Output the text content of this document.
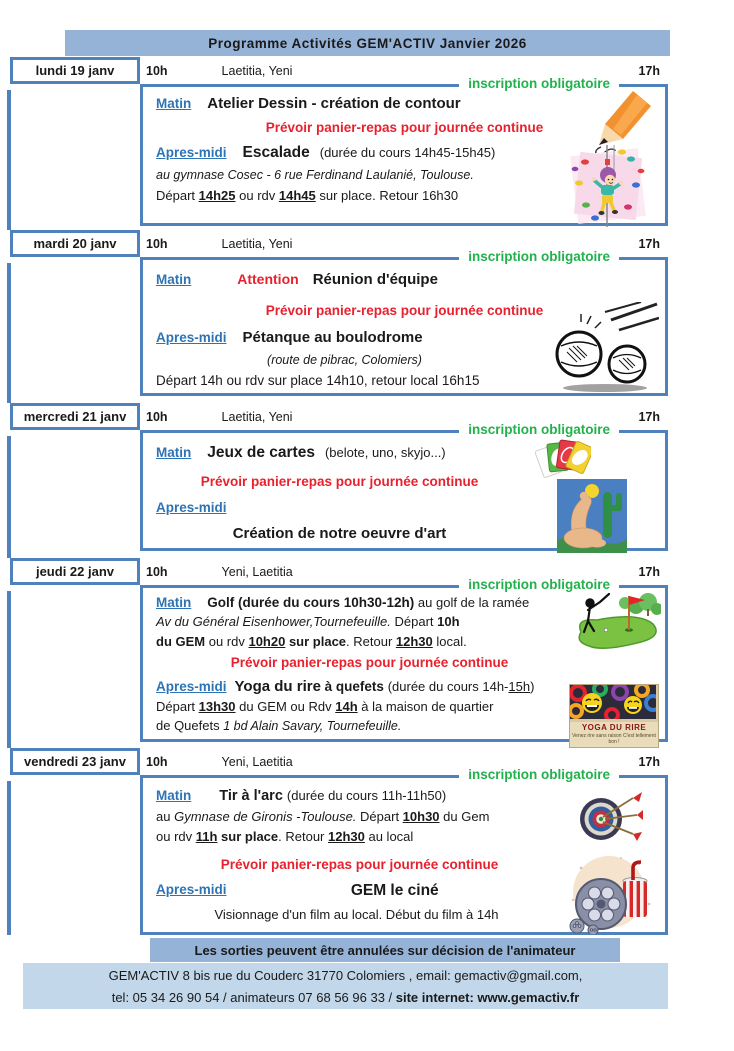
Programme Activités GEM'ACTIV Janvier 2026
lundi 19 janv	10h	Laetitia, Yeni	17h
inscription obligatoire
Matin Atelier Dessin - création de contour
Prévoir panier-repas pour journée continue
Apres-midi Escalade (durée du cours 14h45-15h45)
au gymnase Cosec - 6 rue Ferdinand Laulanié, Toulouse.
Départ 14h25 ou rdv 14h45 sur place. Retour 16h30
mardi 20 janv	10h	Laetitia, Yeni	17h
inscription obligatoire
Matin	Attention Réunion d'équipe
Prévoir panier-repas pour journée continue
Apres-midi Pétanque au boulodrome
(route de pibrac, Colomiers)
Départ 14h ou rdv sur place 14h10, retour local 16h15
mercredi 21 janv	10h	Laetitia, Yeni	17h
inscription obligatoire
Matin Jeux de cartes (belote, uno, skyjo...)
Prévoir panier-repas pour journée continue
Apres-midi
Création de notre oeuvre d'art
jeudi 22 janv	10h	Yeni, Laetitia	17h
inscription obligatoire
Matin Golf (durée du cours 10h30-12h) au golf de la ramée
Av du Général Eisenhower,Tournefeuille. Départ 10h
du GEM ou rdv 10h20 sur place. Retour 12h30 local.
Prévoir panier-repas pour journée continue
Apres-midi Yoga du rire à quefets (durée du cours 14h-15h)
Départ 13h30 du GEM ou Rdv 14h à la maison de quartier
de Quefets 1 bd Alain Savary, Tournefeuille.	YOGA DU RIRE
Venez rire sans raison C'est tellement bon !
vendredi 23 janv	10h	Yeni, Laetitia	17h
inscription obligatoire
Matin Tir à l'arc (durée du cours 11h-11h50)
au Gymnase de Gironis -Toulouse. Départ 10h30 du Gem
ou rdv 11h sur place. Retour 12h30 au local
Prévoir panier-repas pour journée continue
Apres-midi	GEM le ciné
Visionnage d'un film au local. Début du film à 14h
Les sorties peuvent être annulées sur décision de l'animateur
GEM'ACTIV 8 bis rue du Couderc 31770 Colomiers , email: gemactiv@gmail.com,
tel: 05 34 26 90 54 / animateurs 07 68 56 96 33 / site internet: www.gemactiv.fr
